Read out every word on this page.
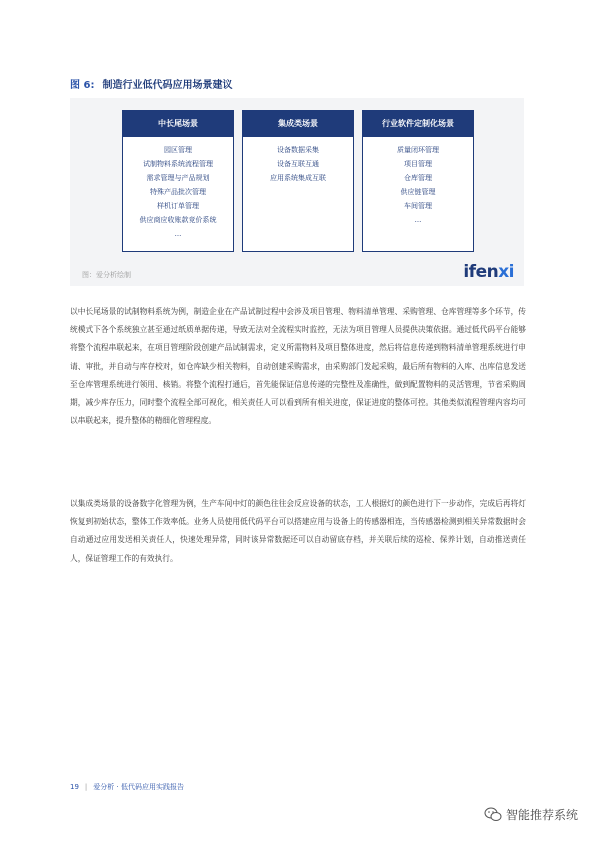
图 6: 制造行业低代码应用场景建议
中长尾场景
园区管理
试制物料系统流程管理
需求管理与产品规划
特殊产品批次管理
样机订单管理
供应商应收账款竞价系统
...
集成类场景
设备数据采集
设备互联互通
应用系统集成互联
行业软件定制化场景
质量闭环管理
项目管理
仓库管理
供应链管理
车间管理
...
图：爱分析绘制	ifenxi

以中长尾场景的试制物料系统为例，制造企业在产品试制过程中会涉及项目管理、物料清单管理、采购管理、仓库管理等多个环节，传统模式下各个系统独立甚至通过纸质单据传递，导致无法对全流程实时监控，无法为项目管理人员提供决策依据。通过低代码平台能够将整个流程串联起来，在项目管理阶段创建产品试制需求，定义所需物料及项目整体进度，然后将信息传递到物料清单管理系统进行申请、审批，并自动与库存校对，如仓库缺少相关物料，自动创建采购需求，由采购部门发起采购，最后所有物料的入库、出库信息发送至仓库管理系统进行领用、核销。将整个流程打通后，首先能保证信息传递的完整性及准确性，做到配置物料的灵活管理，节省采购周期，减少库存压力，同时整个流程全部可视化，相关责任人可以看到所有相关进度，保证进度的整体可控。其他类似流程管理内容均可以串联起来，提升整体的精细化管理程度。

以集成类场景的设备数字化管理为例，生产车间中灯的颜色往往会反应设备的状态，工人根据灯的颜色进行下一步动作，完成后再将灯恢复到初始状态，整体工作效率低。业务人员使用低代码平台可以搭建应用与设备上的传感器相连，当传感器检测到相关异常数据时会自动通过应用发送相关责任人，快速处理异常，同时该异常数据还可以自动留底存档，并关联后续的巡检、保养计划，自动推送责任人，保证管理工作的有效执行。

19 | 爱分析 · 低代码应用实践报告
智能推荐系统
